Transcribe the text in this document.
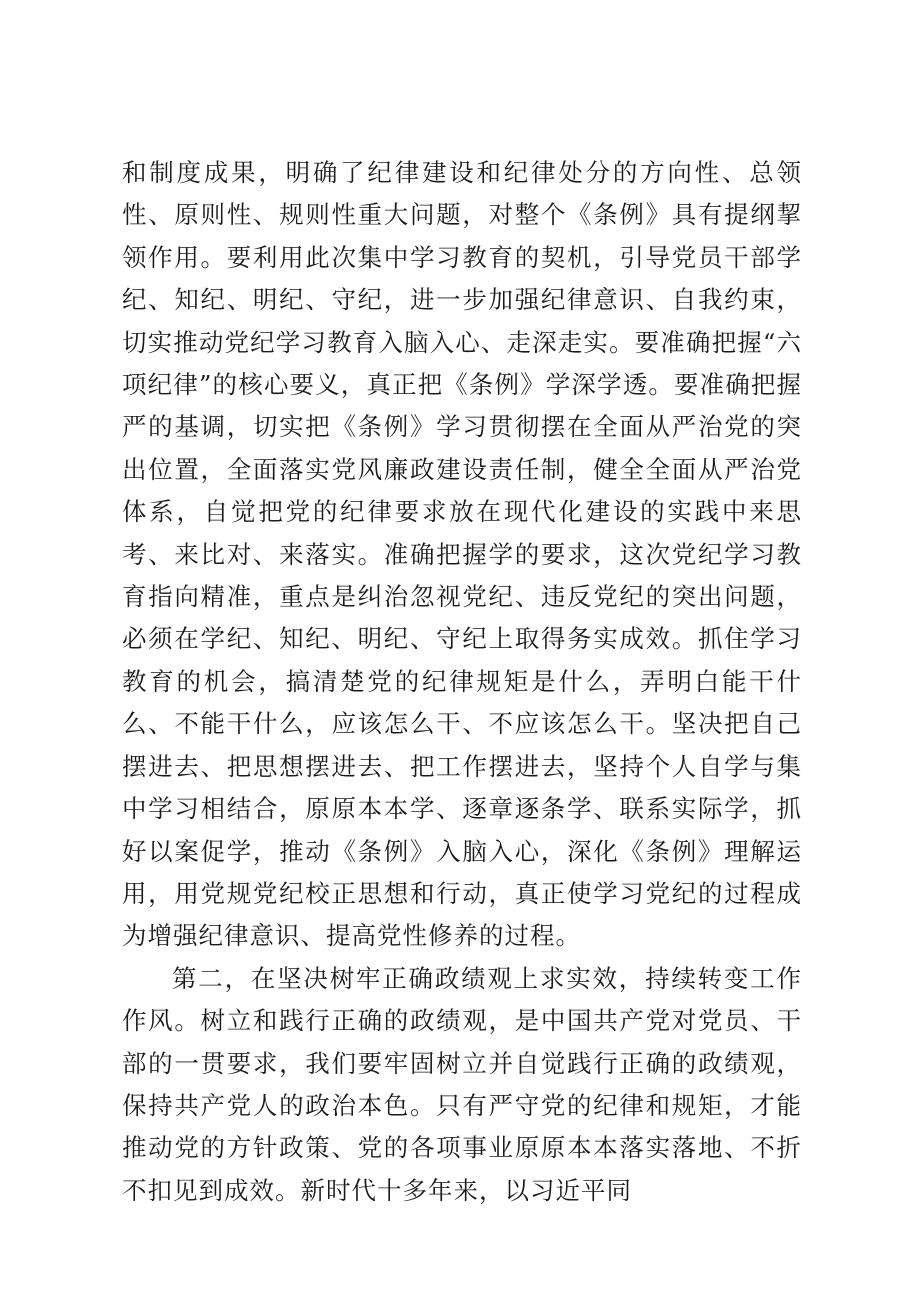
和制度成果，明确了纪律建设和纪律处分的方向性、总领性、原则性、规则性重大问题，对整个《条例》具有提纲挈领作用。要利用此次集中学习教育的契机，引导党员干部学纪、知纪、明纪、守纪，进一步加强纪律意识、自我约束，切实推动党纪学习教育入脑入心、走深走实。要准确把握“六项纪律”的核心要义，真正把《条例》学深学透。要准确把握严的基调，切实把《条例》学习贯彻摆在全面从严治党的突出位置，全面落实党风廉政建设责任制，健全全面从严治党体系，自觉把党的纪律要求放在现代化建设的实践中来思考、来比对、来落实。准确把握学的要求，这次党纪学习教育指向精准，重点是纠治忽视党纪、违反党纪的突出问题，必须在学纪、知纪、明纪、守纪上取得务实成效。抓住学习教育的机会，搞清楚党的纪律规矩是什么，弄明白能干什么、不能干什么，应该怎么干、不应该怎么干。坚决把自己摆进去、把思想摆进去、把工作摆进去，坚持个人自学与集中学习相结合，原原本本学、逐章逐条学、联系实际学，抓好以案促学，推动《条例》入脑入心，深化《条例》理解运用，用党规党纪校正思想和行动，真正使学习党纪的过程成为增强纪律意识、提高党性修养的过程。

第二，在坚决树牢正确政绩观上求实效，持续转变工作作风。树立和践行正确的政绩观，是中国共产党对党员、干部的一贯要求，我们要牢固树立并自觉践行正确的政绩观，保持共产党人的政治本色。只有严守党的纪律和规矩，才能推动党的方针政策、党的各项事业原原本本落实落地、不折不扣见到成效。新时代十多年来，以习近平同
